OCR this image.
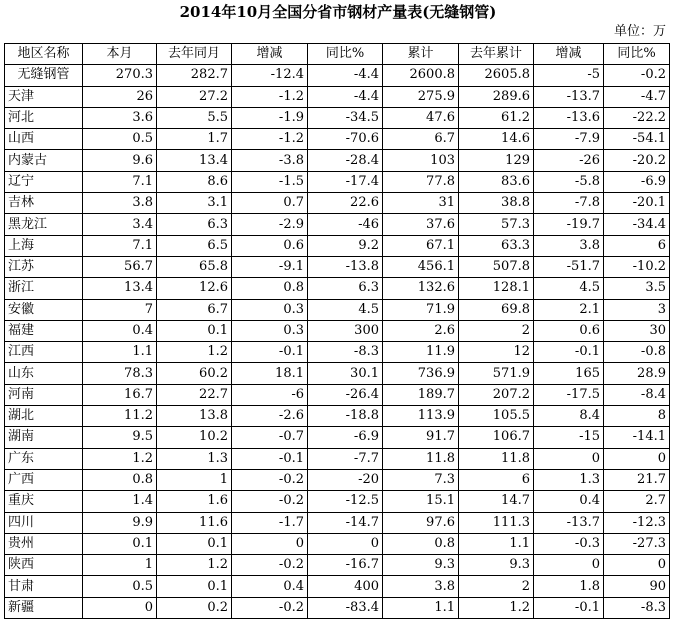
2014年10月全国分省市钢材产量表(无缝钢管)
单位：万
地区名称	本月	去年同月	增减	同比%	累计	去年累计	增减	同比%
无缝钢管	270.3	282.7	-12.4	-4.4	2600.8	2605.8	-5	-0.2
天津	26	27.2	-1.2	-4.4	275.9	289.6	-13.7	-4.7
河北	3.6	5.5	-1.9	-34.5	47.6	61.2	-13.6	-22.2
山西	0.5	1.7	-1.2	-70.6	6.7	14.6	-7.9	-54.1
内蒙古	9.6	13.4	-3.8	-28.4	103	129	-26	-20.2
辽宁	7.1	8.6	-1.5	-17.4	77.8	83.6	-5.8	-6.9
吉林	3.8	3.1	0.7	22.6	31	38.8	-7.8	-20.1
黑龙江	3.4	6.3	-2.9	-46	37.6	57.3	-19.7	-34.4
上海	7.1	6.5	0.6	9.2	67.1	63.3	3.8	6
江苏	56.7	65.8	-9.1	-13.8	456.1	507.8	-51.7	-10.2
浙江	13.4	12.6	0.8	6.3	132.6	128.1	4.5	3.5
安徽	7	6.7	0.3	4.5	71.9	69.8	2.1	3
福建	0.4	0.1	0.3	300	2.6	2	0.6	30
江西	1.1	1.2	-0.1	-8.3	11.9	12	-0.1	-0.8
山东	78.3	60.2	18.1	30.1	736.9	571.9	165	28.9
河南	16.7	22.7	-6	-26.4	189.7	207.2	-17.5	-8.4
湖北	11.2	13.8	-2.6	-18.8	113.9	105.5	8.4	8
湖南	9.5	10.2	-0.7	-6.9	91.7	106.7	-15	-14.1
广东	1.2	1.3	-0.1	-7.7	11.8	11.8	0	0
广西	0.8	1	-0.2	-20	7.3	6	1.3	21.7
重庆	1.4	1.6	-0.2	-12.5	15.1	14.7	0.4	2.7
四川	9.9	11.6	-1.7	-14.7	97.6	111.3	-13.7	-12.3
贵州	0.1	0.1	0	0	0.8	1.1	-0.3	-27.3
陕西	1	1.2	-0.2	-16.7	9.3	9.3	0	0
甘肃	0.5	0.1	0.4	400	3.8	2	1.8	90
新疆	0	0.2	-0.2	-83.4	1.1	1.2	-0.1	-8.3
